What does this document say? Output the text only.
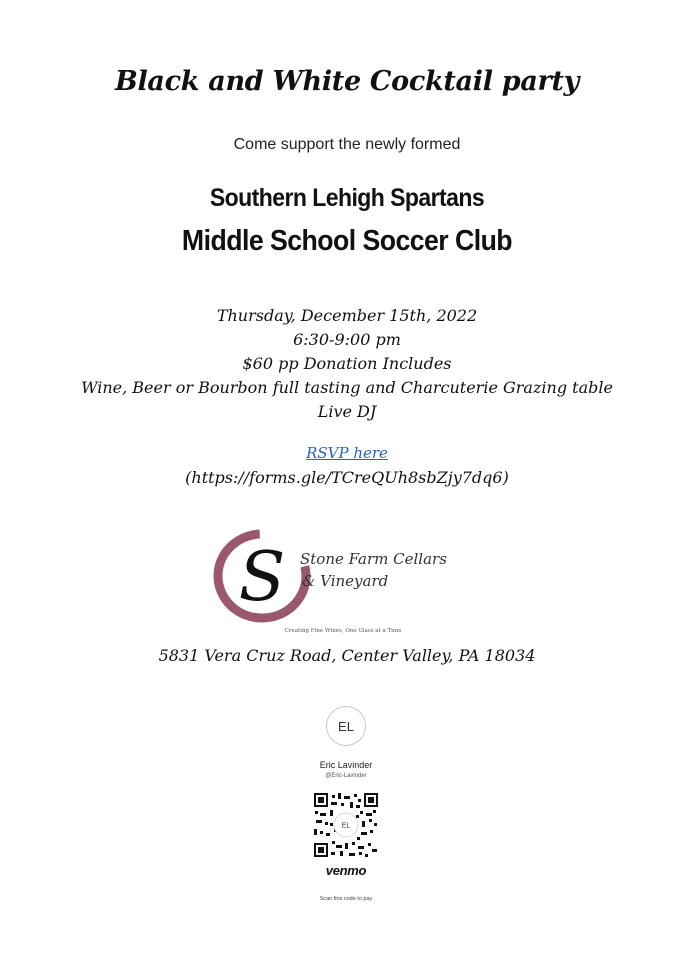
Black and White Cocktail party
Come support the newly formed
Southern Lehigh Spartans
Middle School Soccer Club
Thursday, December 15th, 2022
6:30-9:00 pm
$60 pp Donation Includes
Wine, Beer or Bourbon full tasting and Charcuterie Grazing table
Live DJ
RSVP here
(https://forms.gle/TCreQUh8sbZjy7dq6)
S Stone Farm Cellars
& Vineyard
Creating Fine Wines, One Glass at a Time
5831 Vera Cruz Road, Center Valley, PA 18034
EL
Eric Lavinder
@Eric-Lavinder
EL
venmo
Scan this code to pay
